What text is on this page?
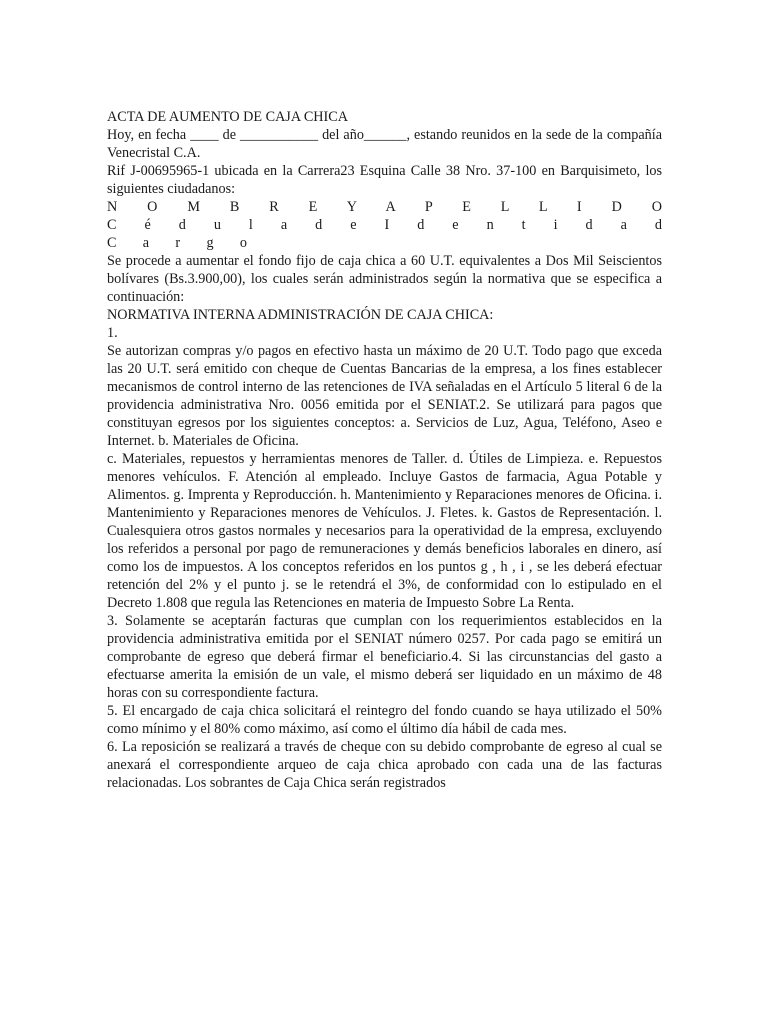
ACTA DE AUMENTO DE CAJA CHICA

Hoy, en fecha ____ de ___________ del año______, estando reunidos en la sede de la compañía Venecristal C.A.

Rif J-00695965-1 ubicada en la Carrera23 Esquina Calle 38 Nro. 37-100 en Barquisimeto, los siguientes ciudadanos:

N O M B R E Y A P E L L I D O

C é d u l a d e I d e n t i d a d

C a r g o

Se procede a aumentar el fondo fijo de caja chica a 60 U.T. equivalentes a Dos Mil Seiscientos bolívares (Bs.3.900,00), los cuales serán administrados según la normativa que se especifica a continuación:

NORMATIVA INTERNA ADMINISTRACIÓN DE CAJA CHICA:

1.

Se autorizan compras y/o pagos en efectivo hasta un máximo de 20 U.T. Todo pago que exceda las 20 U.T. será emitido con cheque de Cuentas Bancarias de la empresa, a los fines establecer mecanismos de control interno de las retenciones de IVA señaladas en el Artículo 5 literal 6 de la providencia administrativa Nro. 0056 emitida por el SENIAT.2. Se utilizará para pagos que constituyan egresos por los siguientes conceptos: a. Servicios de Luz, Agua, Teléfono, Aseo e Internet. b. Materiales de Oficina.

c. Materiales, repuestos y herramientas menores de Taller. d. Útiles de Limpieza. e. Repuestos menores vehículos. F. Atención al empleado. Incluye Gastos de farmacia, Agua Potable y Alimentos. g. Imprenta y Reproducción. h. Mantenimiento y Reparaciones menores de Oficina. i. Mantenimiento y Reparaciones menores de Vehículos. J. Fletes. k. Gastos de Representación. l. Cualesquiera otros gastos normales y necesarios para la operatividad de la empresa, excluyendo los referidos a personal por pago de remuneraciones y demás beneficios laborales en dinero, así como los de impuestos. A los conceptos referidos en los puntos g , h , i , se les deberá efectuar retención del 2% y el punto j. se le retendrá el 3%, de conformidad con lo estipulado en el Decreto 1.808 que regula las Retenciones en materia de Impuesto Sobre La Renta.

3. Solamente se aceptarán facturas que cumplan con los requerimientos establecidos en la providencia administrativa emitida por el SENIAT número 0257. Por cada pago se emitirá un comprobante de egreso que deberá firmar el beneficiario.4. Si las circunstancias del gasto a efectuarse amerita la emisión de un vale, el mismo deberá ser liquidado en un máximo de 48 horas con su correspondiente factura.

5. El encargado de caja chica solicitará el reintegro del fondo cuando se haya utilizado el 50% como mínimo y el 80% como máximo, así como el último día hábil de cada mes.

6. La reposición se realizará a través de cheque con su debido comprobante de egreso al cual se anexará el correspondiente arqueo de caja chica aprobado con cada una de las facturas relacionadas. Los sobrantes de Caja Chica serán registrados
